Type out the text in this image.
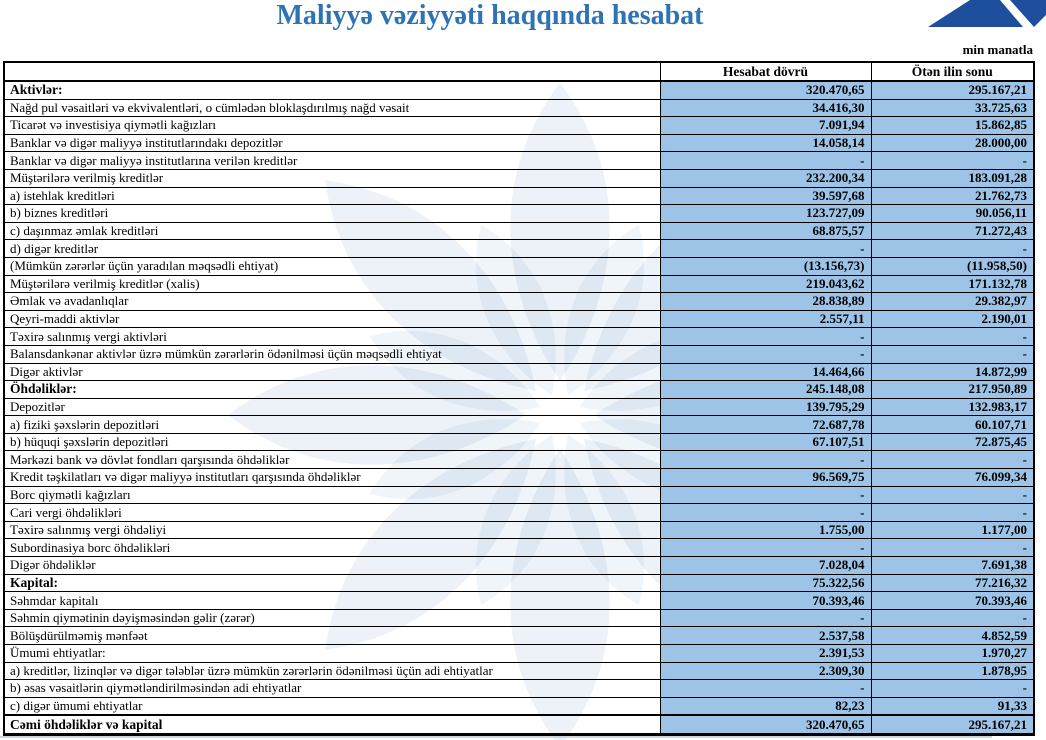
Maliyyə vəziyyəti haqqında hesabat
min manatla
	Hesabat dövrü	Ötən ilin sonu
Aktivlər:	320.470,65	295.167,21
Nağd pul vəsaitləri və ekvivalentləri, o cümlədən bloklaşdırılmış nağd vəsait	34.416,30	33.725,63
Ticarət və investisiya qiymətli kağızları	7.091,94	15.862,85
Banklar və digər maliyyə institutlarındakı depozitlər	14.058,14	28.000,00
Banklar və digər maliyyə institutlarına verilən kreditlər	-	-
Müştərilərə verilmiş kreditlər	232.200,34	183.091,28
a) istehlak kreditləri	39.597,68	21.762,73
b) biznes kreditləri	123.727,09	90.056,11
c) daşınmaz əmlak kreditləri	68.875,57	71.272,43
d) digər kreditlər	-	-
(Mümkün zərərlər üçün yaradılan məqsədli ehtiyat)	(13.156,73)	(11.958,50)
Müştərilərə verilmiş kreditlər (xalis)	219.043,62	171.132,78
Əmlak və avadanlıqlar	28.838,89	29.382,97
Qeyri-maddi aktivlər	2.557,11	2.190,01
Təxirə salınmış vergi aktivləri	-	-
Balansdankənar aktivlər üzrə mümkün zərərlərin ödənilməsi üçün məqsədli ehtiyat	-	-
Digər aktivlər	14.464,66	14.872,99
Öhdəliklər:	245.148,08	217.950,89
Depozitlər	139.795,29	132.983,17
a) fiziki şəxslərin depozitləri	72.687,78	60.107,71
b) hüquqi şəxslərin depozitləri	67.107,51	72.875,45
Mərkəzi bank və dövlət fondları qarşısında öhdəliklər	-	-
Kredit təşkilatları və digər maliyyə institutları qarşısında öhdəliklər	96.569,75	76.099,34
Borc qiymətli kağızları	-	-
Cari vergi öhdəlikləri	-	-
Təxirə salınmış vergi öhdəliyi	1.755,00	1.177,00
Subordinasiya borc öhdəlikləri	-	-
Digər öhdəliklər	7.028,04	7.691,38
Kapital:	75.322,56	77.216,32
Səhmdar kapitalı	70.393,46	70.393,46
Səhmin qiymətinin dəyişməsindən gəlir (zərər)	-	-
Bölüşdürülməmiş mənfəət	2.537,58	4.852,59
Ümumi ehtiyatlar:	2.391,53	1.970,27
a) kreditlər, lizinqlər və digər tələblər üzrə mümkün zərərlərin ödənilməsi üçün adi ehtiyatlar	2.309,30	1.878,95
b) əsas vəsaitlərin qiymətləndirilməsindən adi ehtiyatlar	-	-
c) digər ümumi ehtiyatlar	82,23	91,33
Cəmi öhdəliklər və kapital	320.470,65	295.167,21
